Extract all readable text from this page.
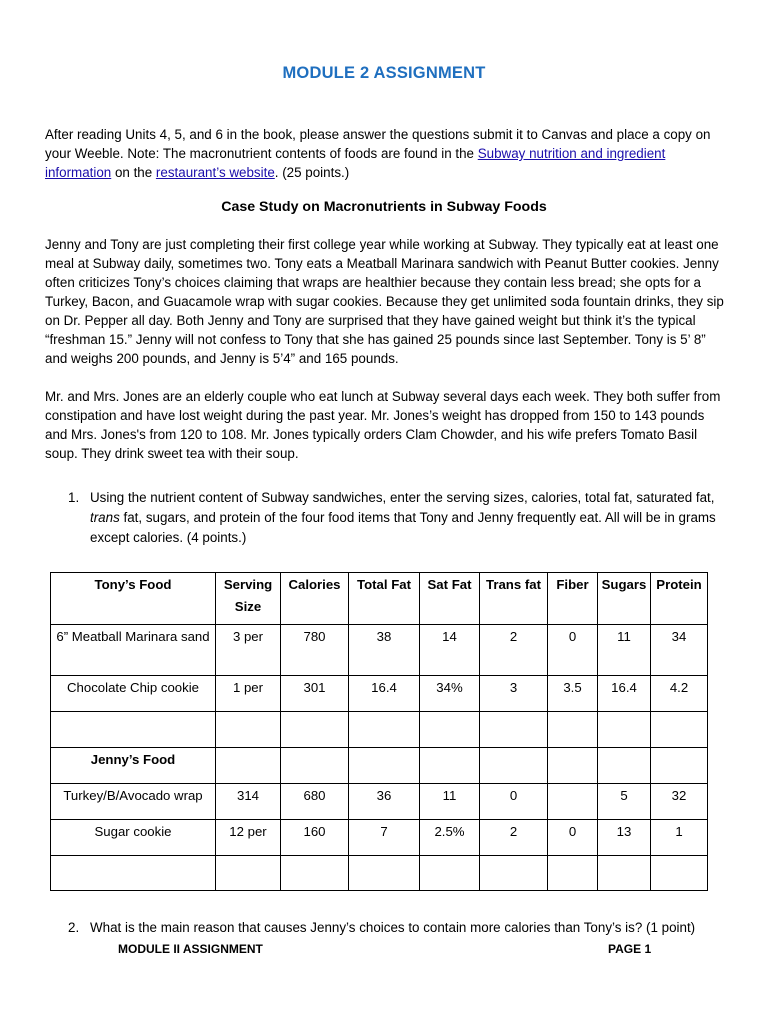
MODULE 2 ASSIGNMENT
After reading Units 4, 5, and 6 in the book, please answer the questions submit it to Canvas and place a copy on your Weeble. Note: The macronutrient contents of foods are found in the Subway nutrition and ingredient information on the restaurant’s website. (25 points.)
Case Study on Macronutrients in Subway Foods
Jenny and Tony are just completing their first college year while working at Subway. They typically eat at least one meal at Subway daily, sometimes two. Tony eats a Meatball Marinara sandwich with Peanut Butter cookies. Jenny often criticizes Tony’s choices claiming that wraps are healthier because they contain less bread; she opts for a Turkey, Bacon, and Guacamole wrap with sugar cookies. Because they get unlimited soda fountain drinks, they sip on Dr. Pepper all day. Both Jenny and Tony are surprised that they have gained weight but think it’s the typical “freshman 15.” Jenny will not confess to Tony that she has gained 25 pounds since last September. Tony is 5’ 8” and weighs 200 pounds, and Jenny is 5’4” and 165 pounds.
Mr. and Mrs. Jones are an elderly couple who eat lunch at Subway several days each week. They both suffer from constipation and have lost weight during the past year. Mr. Jones’s weight has dropped from 150 to 143 pounds and Mrs. Jones's from 120 to 108. Mr. Jones typically orders Clam Chowder, and his wife prefers Tomato Basil soup. They drink sweet tea with their soup.
1. Using the nutrient content of Subway sandwiches, enter the serving sizes, calories, total fat, saturated fat, trans fat, sugars, and protein of the four food items that Tony and Jenny frequently eat. All will be in grams except calories. (4 points.)
Tony’s Food	Serving Size	Calories	Total Fat	Sat Fat	Trans fat	Fiber	Sugars	Protein
6” Meatball Marinara sand	3 per	780	38	14	2	0	11	34
Chocolate Chip cookie	1 per	301	16.4	34%	3	3.5	16.4	4.2

Jenny’s Food								
Turkey/B/Avocado wrap	314	680	36	11	0		5	32
Sugar cookie	12 per	160	7	2.5%	2	0	13	1

2. What is the main reason that causes Jenny’s choices to contain more calories than Tony’s is? (1 point)
MODULE II ASSIGNMENT	PAGE 1
